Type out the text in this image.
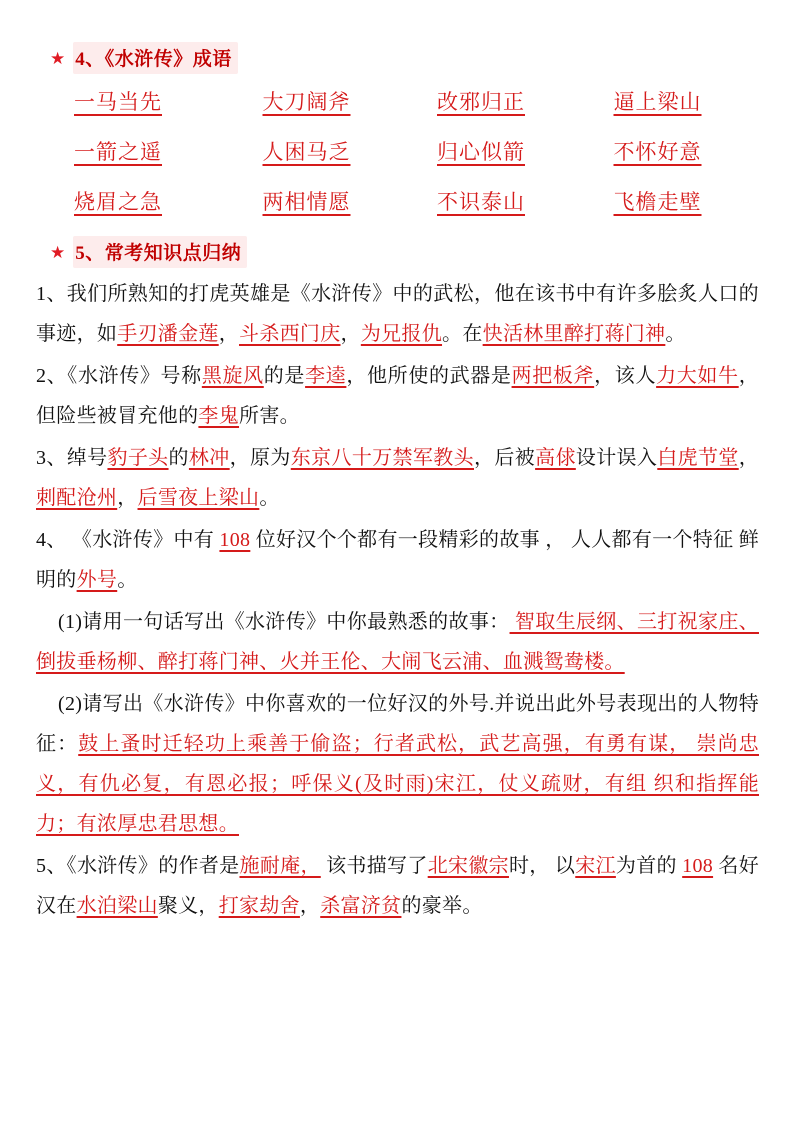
★ 4、《水浒传》成语
一马当先	大刀阔斧	改邪归正	逼上梁山
一箭之遥	人困马乏	归心似箭	不怀好意
烧眉之急	两相情愿	不识泰山	飞檐走壁
★ 5、常考知识点归纳

1、我们所熟知的打虎英雄是《水浒传》中的武松，他在该书中有许多脍炙人口的事迹，如手刃潘金莲，斗杀西门庆，为兄报仇。在快活林里醉打蒋门神。

2、《水浒传》号称黑旋风的是李逵，他所使的武器是两把板斧，该人力大如牛，但险些被冒充他的李鬼所害。

3、绰号豹子头的林冲，原为东京八十万禁军教头，后被高俅设计误入白虎节堂，刺配沧州，后雪夜上梁山。

4、 《水浒传》中有 108 位好汉个个都有一段精彩的故事 ， 人人都有一个特征 鲜明的外号。

(1)请用一句话写出《水浒传》中你最熟悉的故事： 智取生辰纲、三打祝家庄、倒拔垂杨柳、醉打蒋门神、火并王伦、大闹飞云浦、血溅鸳鸯楼。

(2)请写出《水浒传》中你喜欢的一位好汉的外号.并说出此外号表现出的人物特征：鼓上蚤时迁轻功上乘善于偷盗；行者武松，武艺高强，有勇有谋， 崇尚忠义，有仇必复，有恩必报；呼保义(及时雨)宋江，仗义疏财，有组 织和指挥能力；有浓厚忠君思想。

5、《水浒传》的作者是施耐庵， 该书描写了北宋徽宗时， 以宋江为首的 108 名好汉在水泊梁山聚义，打家劫舍，杀富济贫的豪举。
